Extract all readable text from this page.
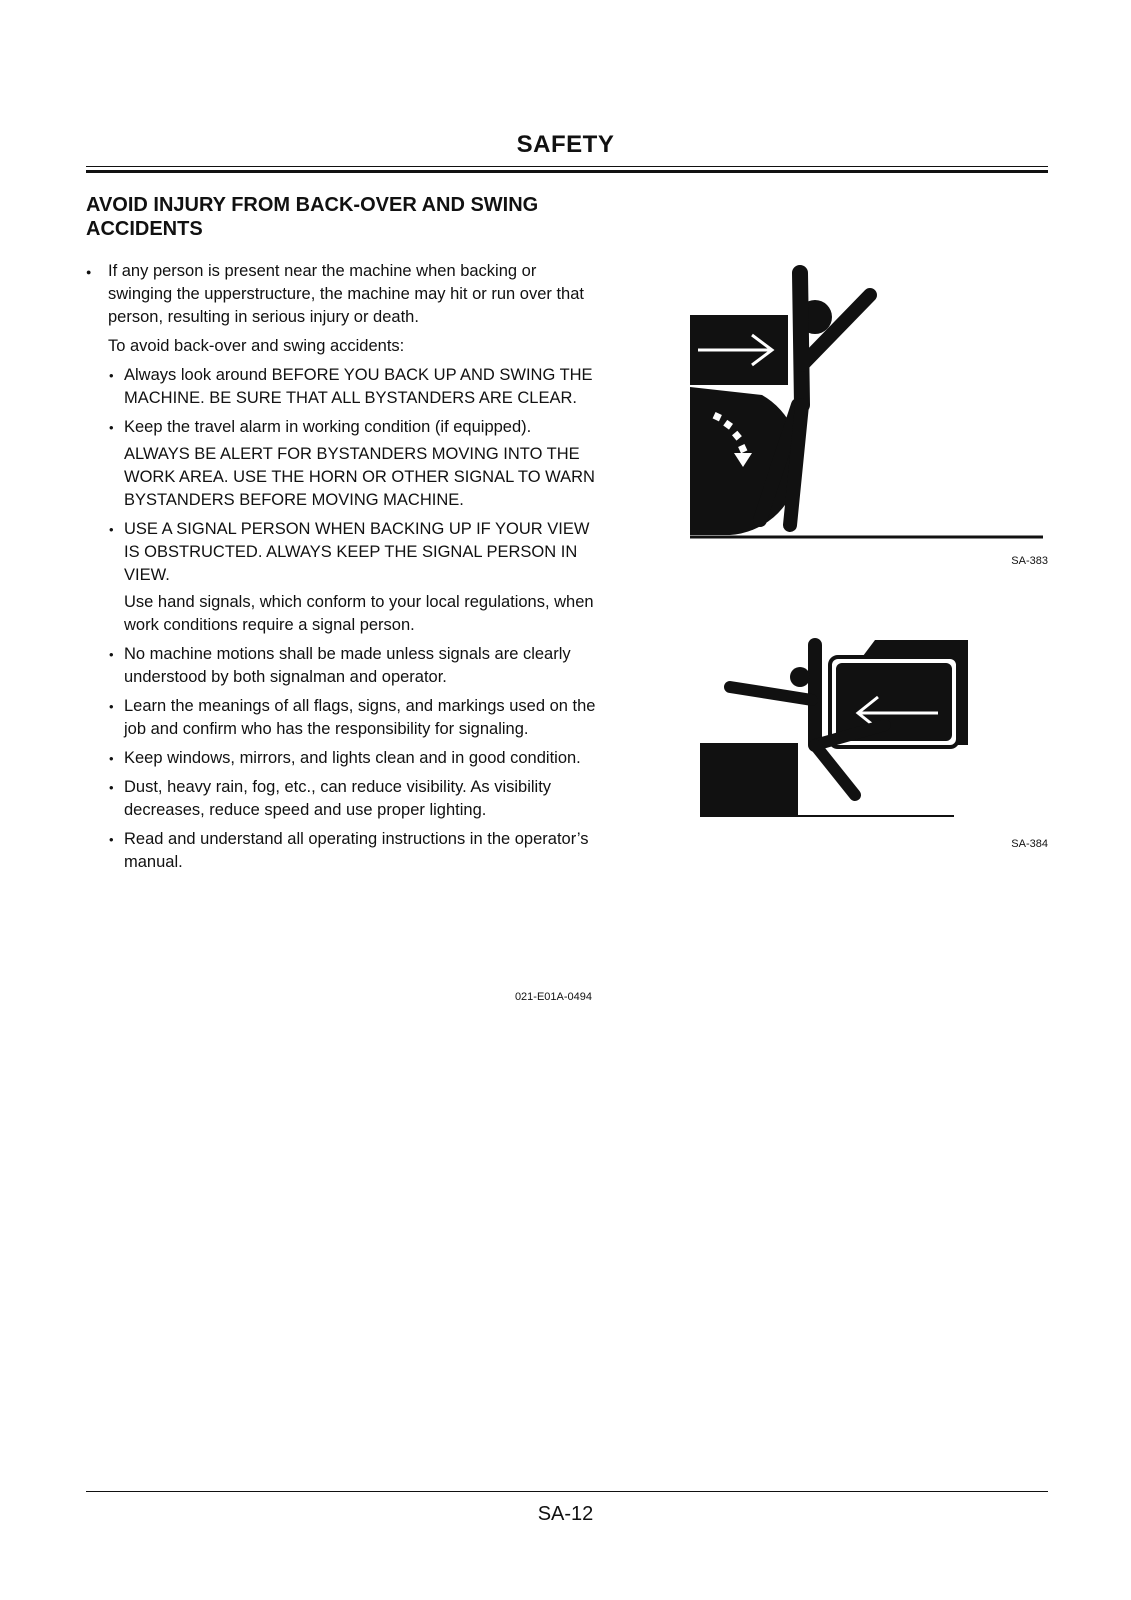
SAFETY
AVOID INJURY FROM BACK-OVER AND SWING ACCIDENTS
● If any person is present near the machine when backing or swinging the upperstructure, the machine may hit or run over that person, resulting in serious injury or death.
To avoid back-over and swing accidents:
• Always look around BEFORE YOU BACK UP AND SWING THE MACHINE. BE SURE THAT ALL BYSTANDERS ARE CLEAR.
• Keep the travel alarm in working condition (if equipped).
ALWAYS BE ALERT FOR BYSTANDERS MOVING INTO THE WORK AREA. USE THE HORN OR OTHER SIGNAL TO WARN BYSTANDERS BEFORE MOVING MACHINE.
• USE A SIGNAL PERSON WHEN BACKING UP IF YOUR VIEW IS OBSTRUCTED. ALWAYS KEEP THE SIGNAL PERSON IN VIEW.
Use hand signals, which conform to your local regulations, when work conditions require a signal person.
• No machine motions shall be made unless signals are clearly understood by both signalman and operator.
• Learn the meanings of all flags, signs, and markings used on the job and confirm who has the responsibility for signaling.
• Keep windows, mirrors, and lights clean and in good condition.
• Dust, heavy rain, fog, etc., can reduce visibility. As visibility decreases, reduce speed and use proper lighting.
• Read and understand all operating instructions in the operator’s manual.
021-E01A-0494
SA-383
SA-384
SA-12
